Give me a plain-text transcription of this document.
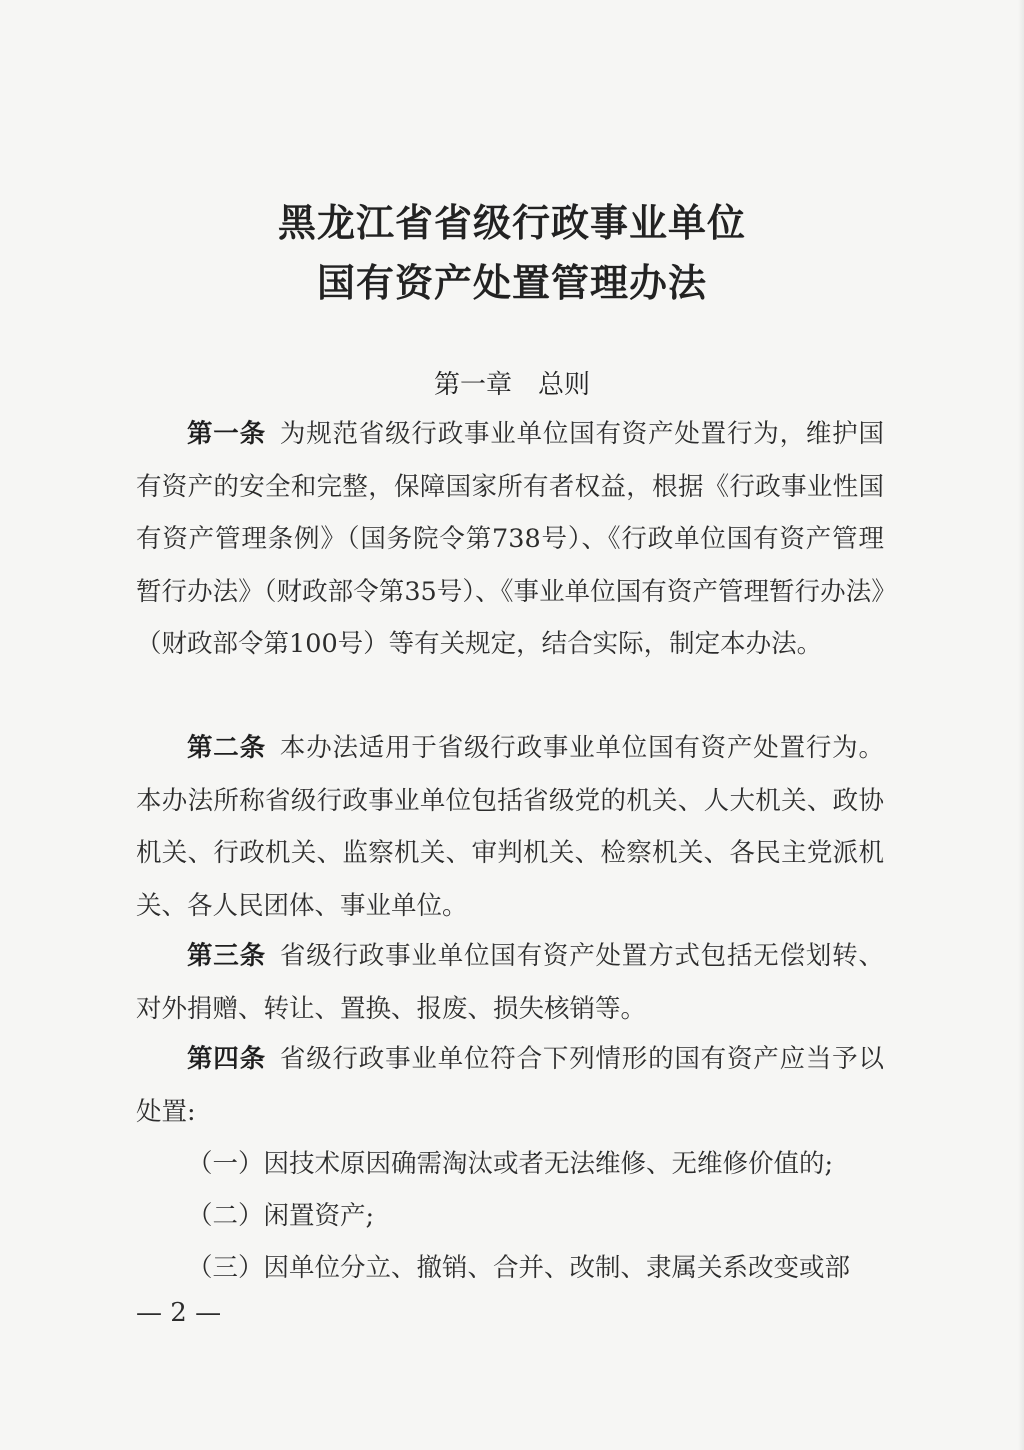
黑龙江省省级行政事业单位
国有资产处置管理办法
第一章　总则
第一条 为规范省级行政事业单位国有资产处置行为，维护国有资产的安全和完整，保障国家所有者权益，根据《行政事业性国有资产管理条例》（国务院令第738号）、《行政单位国有资产管理暂行办法》（财政部令第35号）、《事业单位国有资产管理暂行办法》（财政部令第100号）等有关规定，结合实际，制定本办法。
第二条 本办法适用于省级行政事业单位国有资产处置行为。本办法所称省级行政事业单位包括省级党的机关、人大机关、政协机关、行政机关、监察机关、审判机关、检察机关、各民主党派机关、各人民团体、事业单位。
第三条 省级行政事业单位国有资产处置方式包括无偿划转、对外捐赠、转让、置换、报废、损失核销等。
第四条 省级行政事业单位符合下列情形的国有资产应当予以处置:
（一）因技术原因确需淘汰或者无法维修、无维修价值的;
（二）闲置资产;
（三）因单位分立、撤销、合并、改制、隶属关系改变或部
— 2 —
